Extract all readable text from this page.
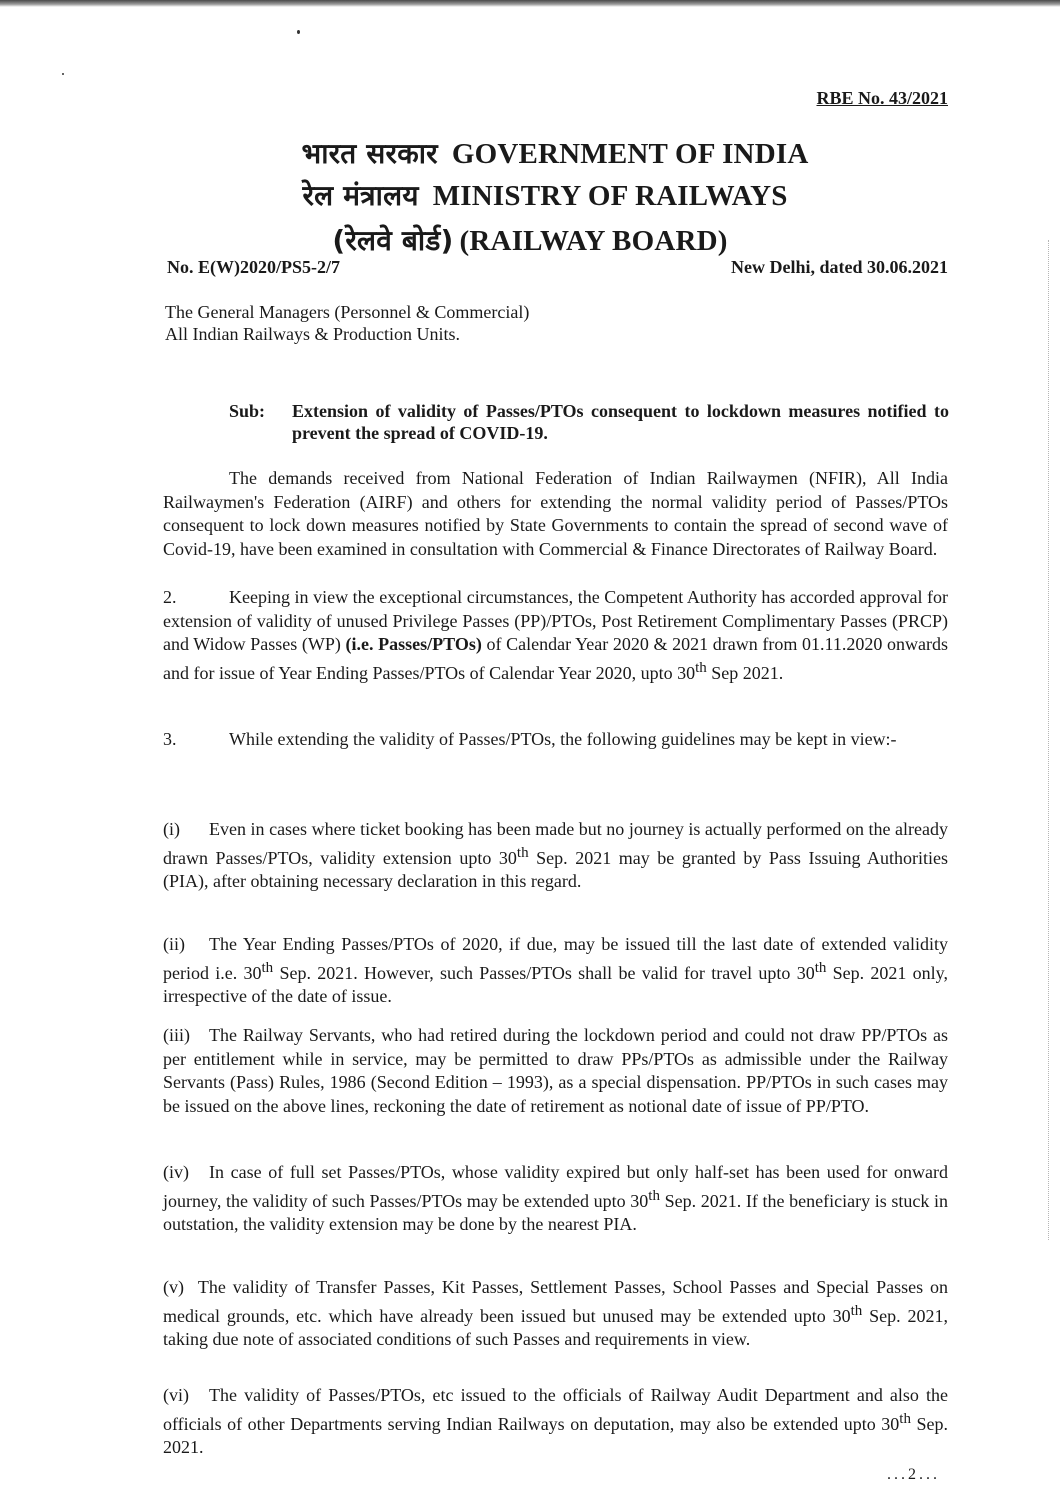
RBE No. 43/2021
भारत सरकार GOVERNMENT OF INDIA
रेल मंत्रालय MINISTRY OF RAILWAYS
(रेलवे बोर्ड) (RAILWAY BOARD)
No. E(W)2020/PS5-2/7	New Delhi, dated 30.06.2021
The General Managers (Personnel & Commercial)
All Indian Railways & Production Units.
Sub: Extension of validity of Passes/PTOs consequent to lockdown measures notified to prevent the spread of COVID-19.
The demands received from National Federation of Indian Railwaymen (NFIR), All India Railwaymen's Federation (AIRF) and others for extending the normal validity period of Passes/PTOs consequent to lock down measures notified by State Governments to contain the spread of second wave of Covid-19, have been examined in consultation with Commercial & Finance Directorates of Railway Board.
2.	Keeping in view the exceptional circumstances, the Competent Authority has accorded approval for extension of validity of unused Privilege Passes (PP)/PTOs, Post Retirement Complimentary Passes (PRCP) and Widow Passes (WP) (i.e. Passes/PTOs) of Calendar Year 2020 & 2021 drawn from 01.11.2020 onwards and for issue of Year Ending Passes/PTOs of Calendar Year 2020, upto 30th Sep 2021.
3.	While extending the validity of Passes/PTOs, the following guidelines may be kept in view:-
(i) Even in cases where ticket booking has been made but no journey is actually performed on the already drawn Passes/PTOs, validity extension upto 30th Sep. 2021 may be granted by Pass Issuing Authorities (PIA), after obtaining necessary declaration in this regard.
(ii) The Year Ending Passes/PTOs of 2020, if due, may be issued till the last date of extended validity period i.e. 30th Sep. 2021. However, such Passes/PTOs shall be valid for travel upto 30th Sep. 2021 only, irrespective of the date of issue.
(iii) The Railway Servants, who had retired during the lockdown period and could not draw PP/PTOs as per entitlement while in service, may be permitted to draw PPs/PTOs as admissible under the Railway Servants (Pass) Rules, 1986 (Second Edition – 1993), as a special dispensation. PP/PTOs in such cases may be issued on the above lines, reckoning the date of retirement as notional date of issue of PP/PTO.
(iv) In case of full set Passes/PTOs, whose validity expired but only half-set has been used for onward journey, the validity of such Passes/PTOs may be extended upto 30th Sep. 2021. If the beneficiary is stuck in outstation, the validity extension may be done by the nearest PIA.
(v) The validity of Transfer Passes, Kit Passes, Settlement Passes, School Passes and Special Passes on medical grounds, etc. which have already been issued but unused may be extended upto 30th Sep. 2021, taking due note of associated conditions of such Passes and requirements in view.
(vi) The validity of Passes/PTOs, etc issued to the officials of Railway Audit Department and also the officials of other Departments serving Indian Railways on deputation, may also be extended upto 30th Sep. 2021.
...2...
